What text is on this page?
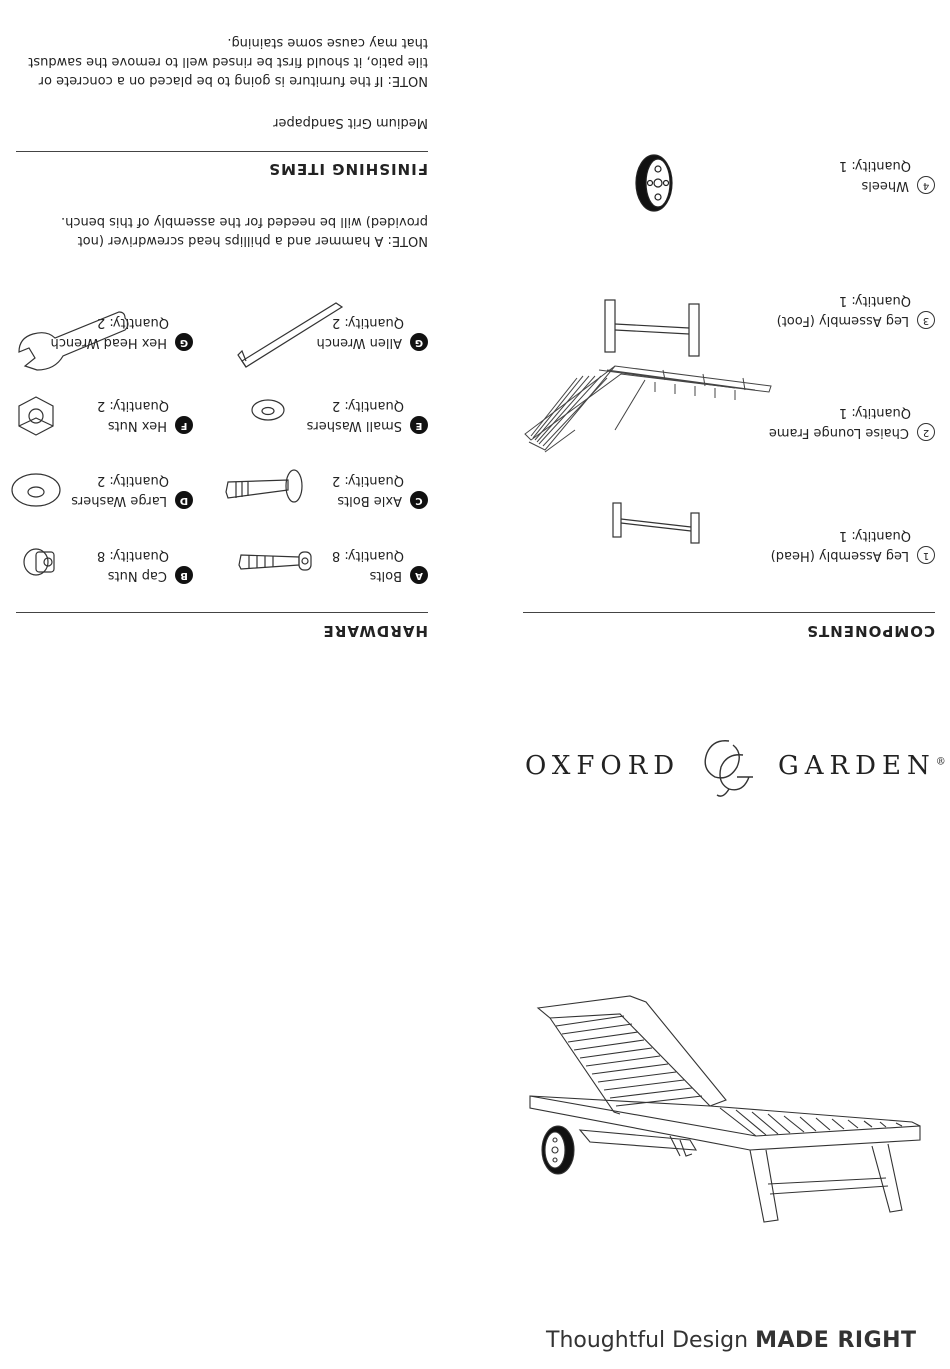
HARDWARE
A
Bolts
Quantity: 8
B
Cap Nuts
Quantity: 8
C
Axle Bolts
Quantity: 2
D
Large Washers
Quantity: 2
E
Small Washers
Quantity: 2
F
Hex Nuts
Quantity: 2
G
Allen Wrench
Quantity: 2
G
Hex Head Wrench
Quantity: 2
NOTE: A hammer and a phillips head screwdriver (not provided) will be needed for the assembly of this bench.
FINISHING ITEMS
Medium Grit Sandpaper
NOTE: If the furniture is going to be placed on a concrete or tile patio, it should first be rinsed well to remove the sawdust that may cause some staining.
COMPONENTS
1
Leg Assembly (Head)
Quantity: 1
2
Chaise Lounge Frame
Quantity: 1
3
Leg Assembly (Foot)
Quantity: 1
4
Wheels
Quantity: 1
OXFORD	GARDEN®
Thoughtful Design MADE RIGHT
